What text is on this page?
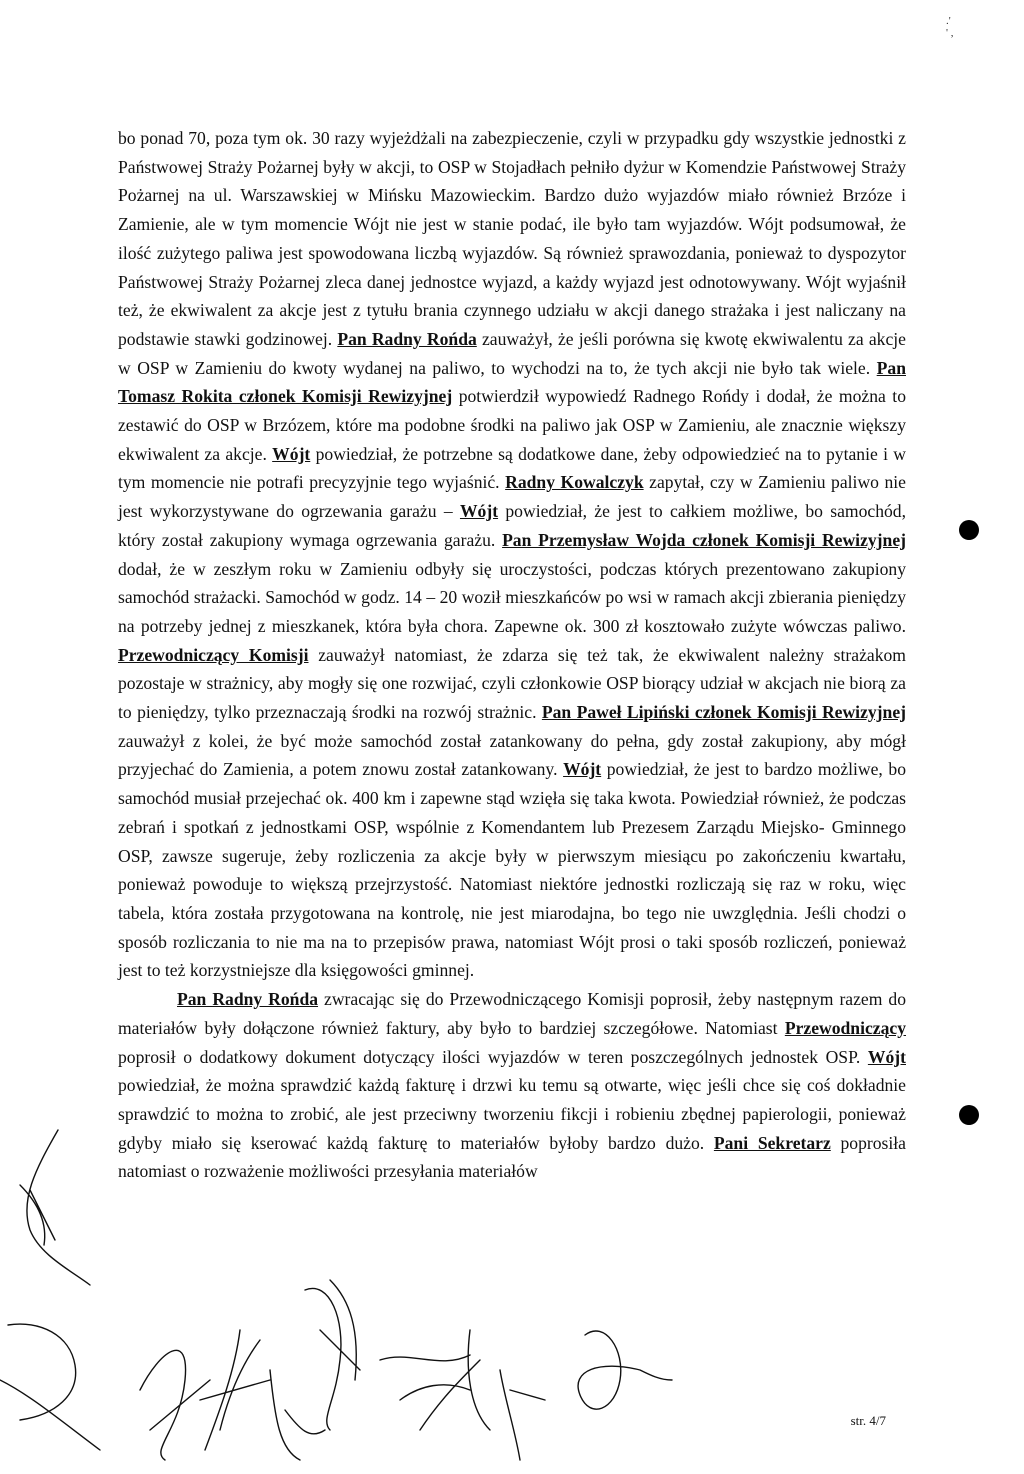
.'
' ,

bo ponad 70, poza tym ok. 30 razy wyjeżdżali na zabezpieczenie, czyli w przypadku gdy wszystkie jednostki z Państwowej Straży Pożarnej były w akcji, to OSP w Stojadłach pełniło dyżur w Komendzie Państwowej Straży Pożarnej na ul. Warszawskiej w Mińsku Mazowieckim. Bardzo dużo wyjazdów miało również Brzóze i Zamienie, ale w tym momencie Wójt nie jest w stanie podać, ile było tam wyjazdów. Wójt podsumował, że ilość zużytego paliwa jest spowodowana liczbą wyjazdów. Są również sprawozdania, ponieważ to dyspozytor Państwowej Straży Pożarnej zleca danej jednostce wyjazd, a każdy wyjazd jest odnotowywany. Wójt wyjaśnił też, że ekwiwalent za akcje jest z tytułu brania czynnego udziału w akcji danego strażaka i jest naliczany na podstawie stawki godzinowej. Pan Radny Rońda zauważył, że jeśli porówna się kwotę ekwiwalentu za akcje w OSP w Zamieniu do kwoty wydanej na paliwo, to wychodzi na to, że tych akcji nie było tak wiele. Pan Tomasz Rokita członek Komisji Rewizyjnej potwierdził wypowiedź Radnego Rońdy i dodał, że można to zestawić do OSP w Brzózem, które ma podobne środki na paliwo jak OSP w Zamieniu, ale znacznie większy ekwiwalent za akcje. Wójt powiedział, że potrzebne są dodatkowe dane, żeby odpowiedzieć na to pytanie i w tym momencie nie potrafi precyzyjnie tego wyjaśnić. Radny Kowalczyk zapytał, czy w Zamieniu paliwo nie jest wykorzystywane do ogrzewania garażu – Wójt powiedział, że jest to całkiem możliwe, bo samochód, który został zakupiony wymaga ogrzewania garażu. Pan Przemysław Wojda członek Komisji Rewizyjnej dodał, że w zeszłym roku w Zamieniu odbyły się uroczystości, podczas których prezentowano zakupiony samochód strażacki. Samochód w godz. 14 – 20 woził mieszkańców po wsi w ramach akcji zbierania pieniędzy na potrzeby jednej z mieszkanek, która była chora. Zapewne ok. 300 zł kosztowało zużyte wówczas paliwo. Przewodniczący Komisji zauważył natomiast, że zdarza się też tak, że ekwiwalent należny strażakom pozostaje w strażnicy, aby mogły się one rozwijać, czyli członkowie OSP biorący udział w akcjach nie biorą za to pieniędzy, tylko przeznaczają środki na rozwój strażnic. Pan Paweł Lipiński członek Komisji Rewizyjnej zauważył z kolei, że być może samochód został zatankowany do pełna, gdy został zakupiony, aby mógł przyjechać do Zamienia, a potem znowu został zatankowany. Wójt powiedział, że jest to bardzo możliwe, bo samochód musiał przejechać ok. 400 km i zapewne stąd wzięła się taka kwota. Powiedział również, że podczas zebrań i spotkań z jednostkami OSP, wspólnie z Komendantem lub Prezesem Zarządu Miejsko- Gminnego OSP, zawsze sugeruje, żeby rozliczenia za akcje były w pierwszym miesiącu po zakończeniu kwartału, ponieważ powoduje to większą przejrzystość. Natomiast niektóre jednostki rozliczają się raz w roku, więc tabela, która została przygotowana na kontrolę, nie jest miarodajna, bo tego nie uwzględnia. Jeśli chodzi o sposób rozliczania to nie ma na to przepisów prawa, natomiast Wójt prosi o taki sposób rozliczeń, ponieważ jest to też korzystniejsze dla księgowości gminnej.

Pan Radny Rońda zwracając się do Przewodniczącego Komisji poprosił, żeby następnym razem do materiałów były dołączone również faktury, aby było to bardziej szczegółowe. Natomiast Przewodniczący poprosił o dodatkowy dokument dotyczący ilości wyjazdów w teren poszczególnych jednostek OSP. Wójt powiedział, że można sprawdzić każdą fakturę i drzwi ku temu są otwarte, więc jeśli chce się coś dokładnie sprawdzić to można to zrobić, ale jest przeciwny tworzeniu fikcji i robieniu zbędnej papierologii, ponieważ gdyby miało się kserować każdą fakturę to materiałów byłoby bardzo dużo. Pani Sekretarz poprosiła natomiast o rozważenie możliwości przesyłania materiałów

str. 4/7
